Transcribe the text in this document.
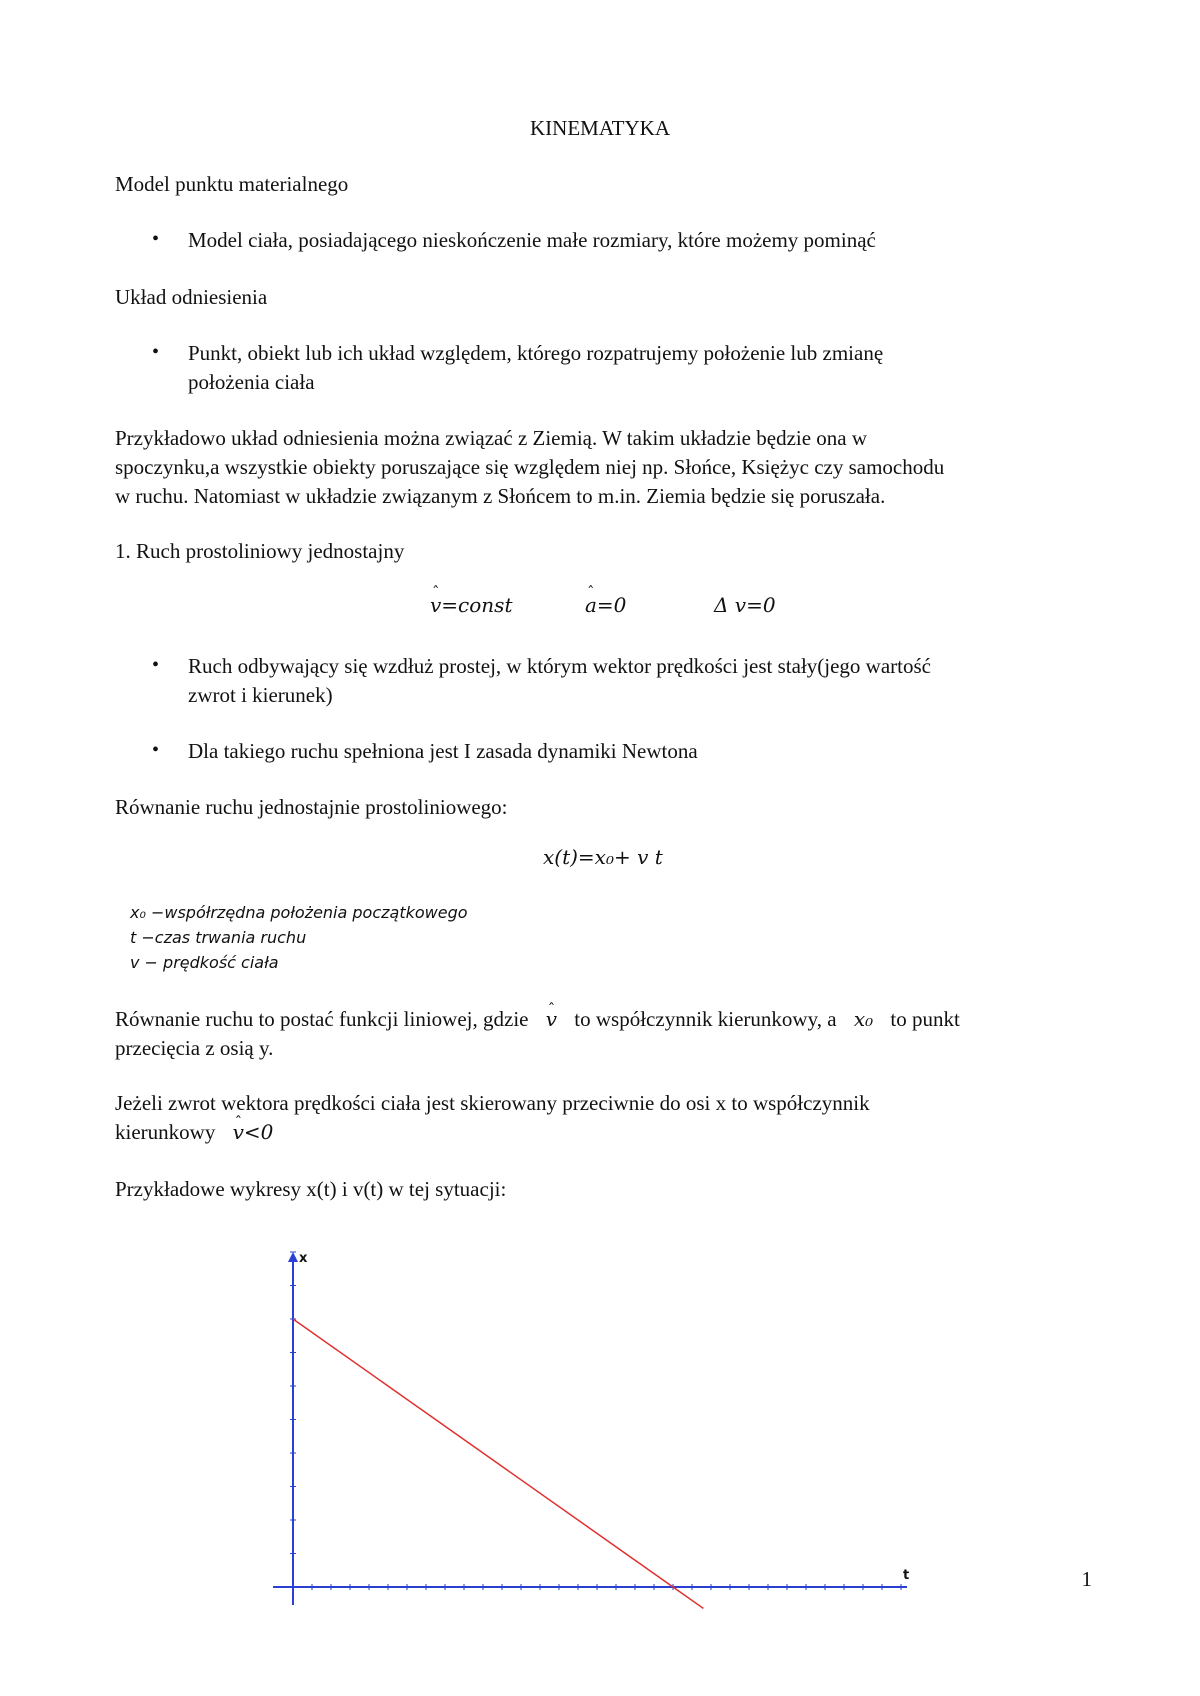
KINEMATYKA
Model punktu materialnego
• Model ciała, posiadającego nieskończenie małe rozmiary, które możemy pominąć
Układ odniesienia
• Punkt, obiekt lub ich układ względem, którego rozpatrujemy położenie lub zmianę
położenia ciała
Przykładowo układ odniesienia można związać z Ziemią. W takim układzie będzie ona w
spoczynku,a wszystkie obiekty poruszające się względem niej np. Słońce, Księżyc czy samochodu
w ruchu. Natomiast w układzie związanym z Słońcem to m.in. Ziemia będzie się poruszała.
1. Ruch prostoliniowy jednostajny
ˆ v=const	ˆ a=0	Δ v=0
• Ruch odbywający się wzdłuż prostej, w którym wektor prędkości jest stały(jego wartość
zwrot i kierunek)
• Dla takiego ruchu spełniona jest I zasada dynamiki Newtona
Równanie ruchu jednostajnie prostoliniowego:
x(t)=x₀+ v t
x₀ −współrzędna położenia początkowego
t −czas trwania ruchu
v − prędkość ciała
Równanie ruchu to postać funkcji liniowej, gdzie ˆ v to współczynnik kierunkowy, a x₀ to punkt
przecięcia z osią y.
Jeżeli zwrot wektora prędkości ciała jest skierowany przeciwnie do osi x to współczynnik
kierunkowy ˆ v<0
Przykładowe wykresy x(t) i v(t) w tej sytuacji:
t
x
1
